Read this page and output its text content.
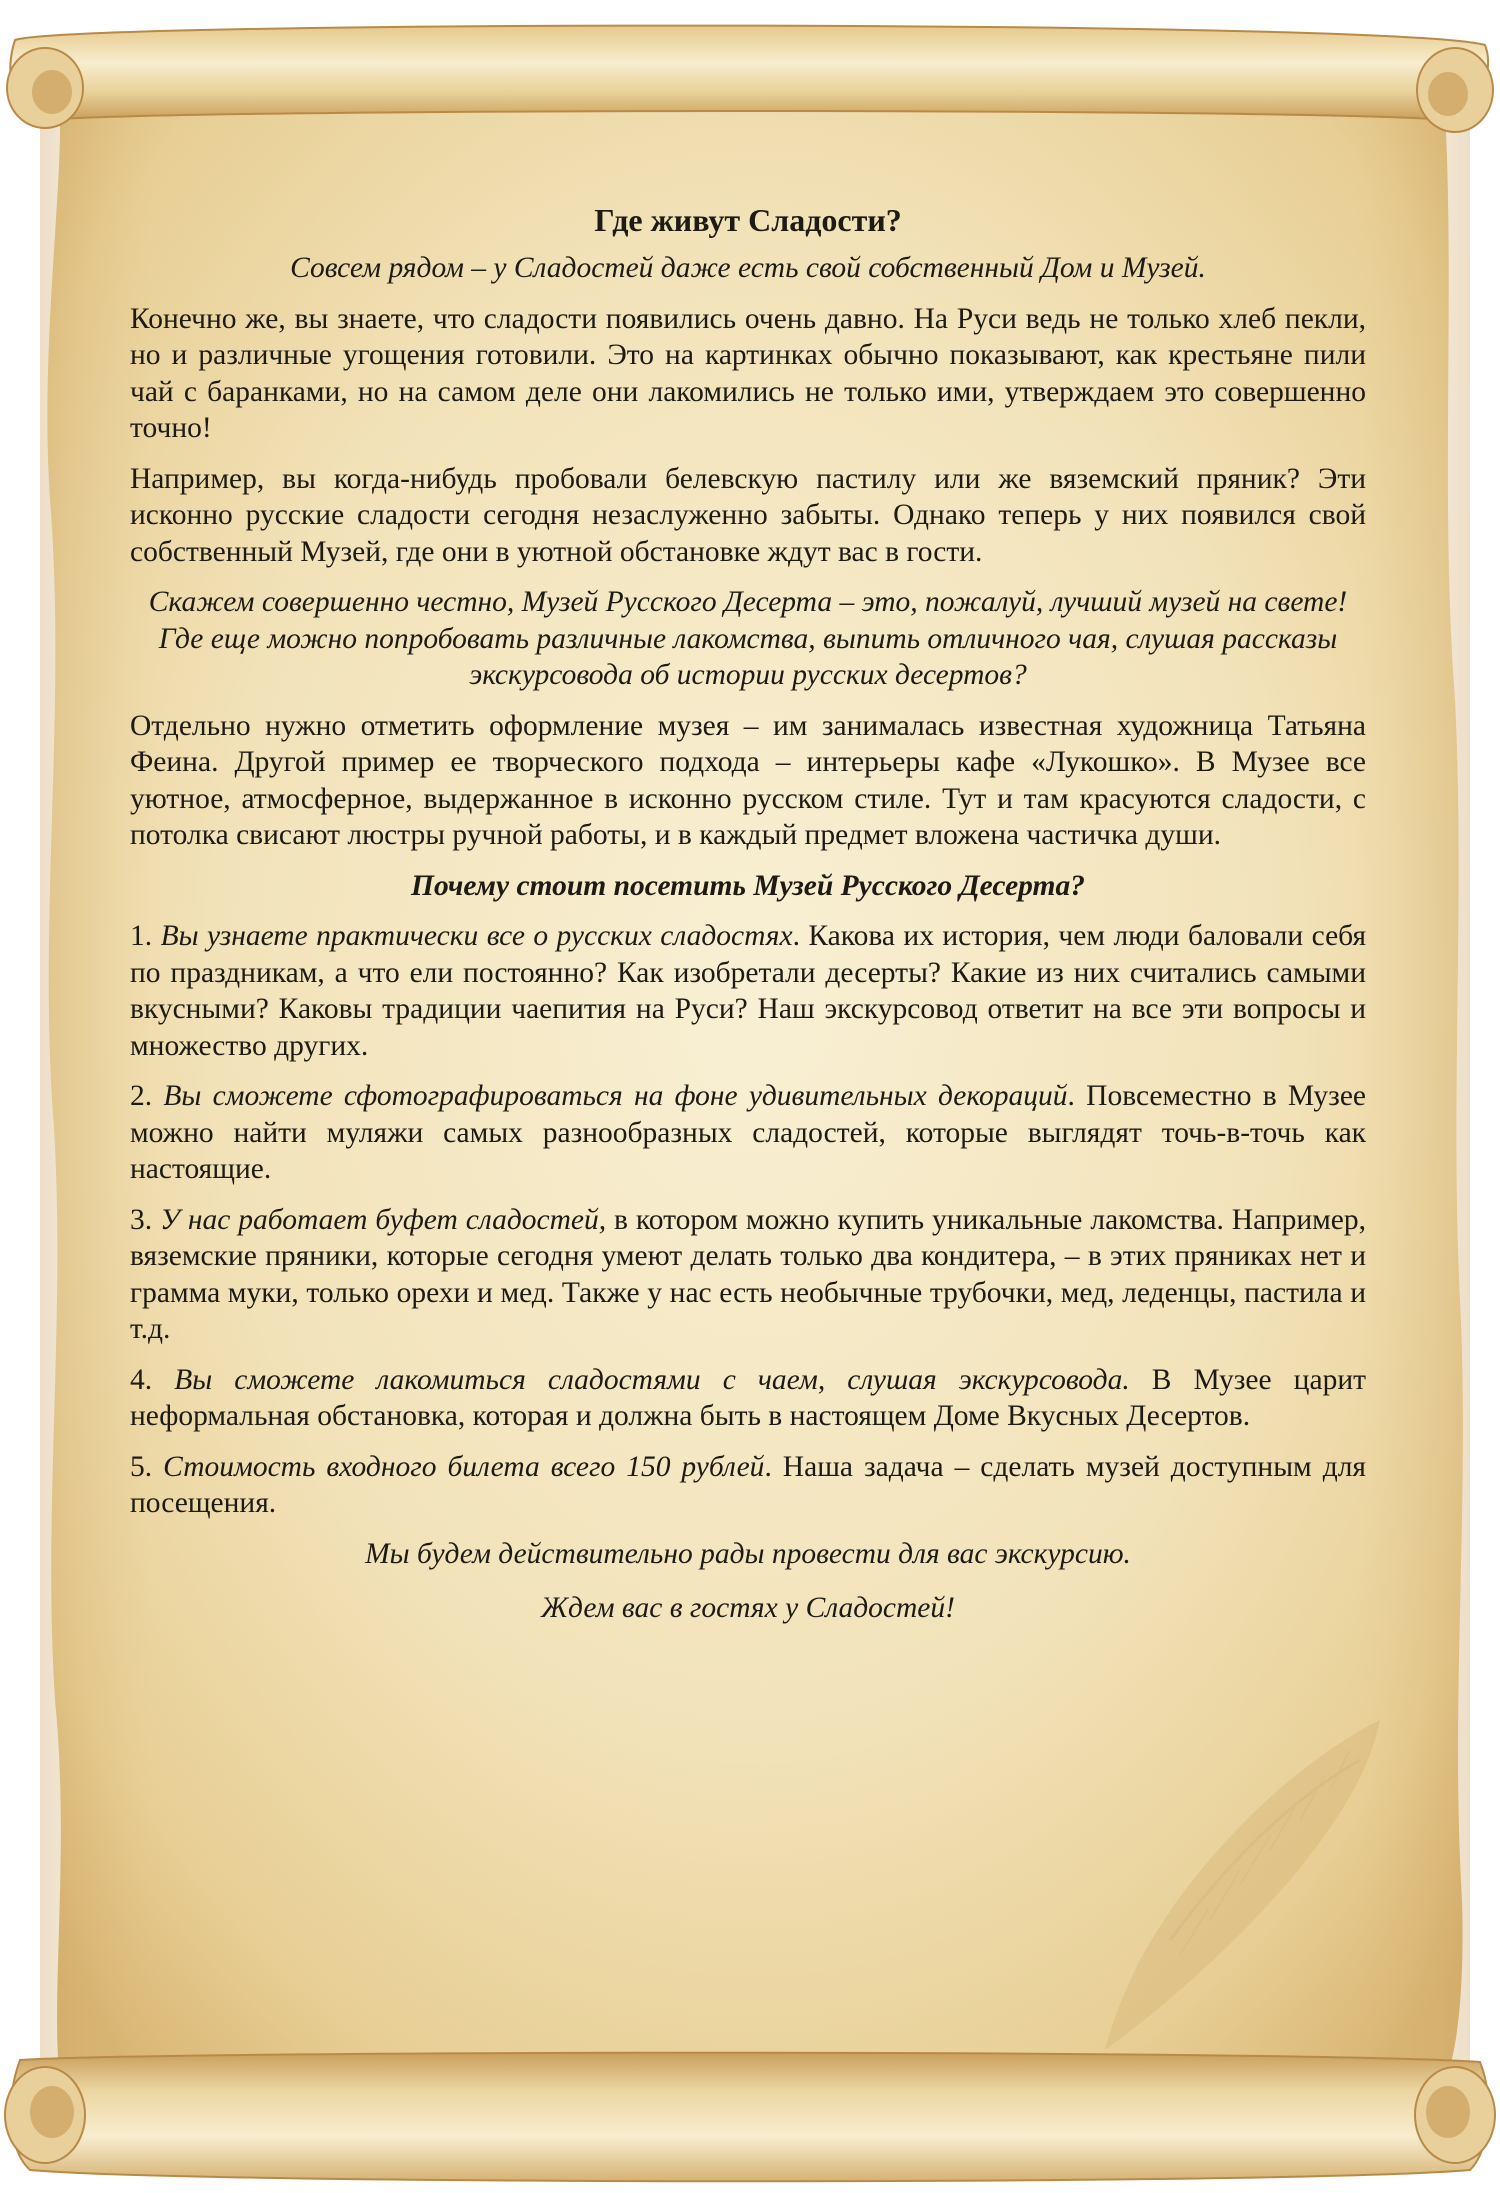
Где живут Сладости?

Совсем рядом – у Сладостей даже есть свой собственный Дом и Музей.

Конечно же, вы знаете, что сладости появились очень давно. На Руси ведь не только хлеб пекли, но и различные угощения готовили. Это на картинках обычно показывают, как крестьяне пили чай с баранками, но на самом деле они лакомились не только ими, утверждаем это совершенно точно!

Например, вы когда-нибудь пробовали белевскую пастилу или же вяземский пряник? Эти исконно русские сладости сегодня незаслуженно забыты. Однако теперь у них появился свой собственный Музей, где они в уютной обстановке ждут вас в гости.

Скажем совершенно честно, Музей Русского Десерта – это, пожалуй, лучший музей на свете! Где еще можно попробовать различные лакомства, выпить отличного чая, слушая рассказы экскурсовода об истории русских десертов?

Отдельно нужно отметить оформление музея – им занималась известная художница Татьяна Феина. Другой пример ее творческого подхода – интерьеры кафе «Лукошко». В Музее все уютное, атмосферное, выдержанное в исконно русском стиле. Тут и там красуются сладости, с потолка свисают люстры ручной работы, и в каждый предмет вложена частичка души.

Почему стоит посетить Музей Русского Десерта?

1. Вы узнаете практически все о русских сладостях. Какова их история, чем люди баловали себя по праздникам, а что ели постоянно? Как изобретали десерты? Какие из них считались самыми вкусными? Каковы традиции чаепития на Руси? Наш экскурсовод ответит на все эти вопросы и множество других.

2. Вы сможете сфотографироваться на фоне удивительных декораций. Повсеместно в Музее можно найти муляжи самых разнообразных сладостей, которые выглядят точь-в-точь как настоящие.

3. У нас работает буфет сладостей, в котором можно купить уникальные лакомства. Например, вяземские пряники, которые сегодня умеют делать только два кондитера, – в этих пряниках нет и грамма муки, только орехи и мед. Также у нас есть необычные трубочки, мед, леденцы, пастила и т.д.

4. Вы сможете лакомиться сладостями с чаем, слушая экскурсовода. В Музее царит неформальная обстановка, которая и должна быть в настоящем Доме Вкусных Десертов.

5. Стоимость входного билета всего 150 рублей. Наша задача – сделать музей доступным для посещения.

Мы будем действительно рады провести для вас экскурсию.

Ждем вас в гостях у Сладостей!
